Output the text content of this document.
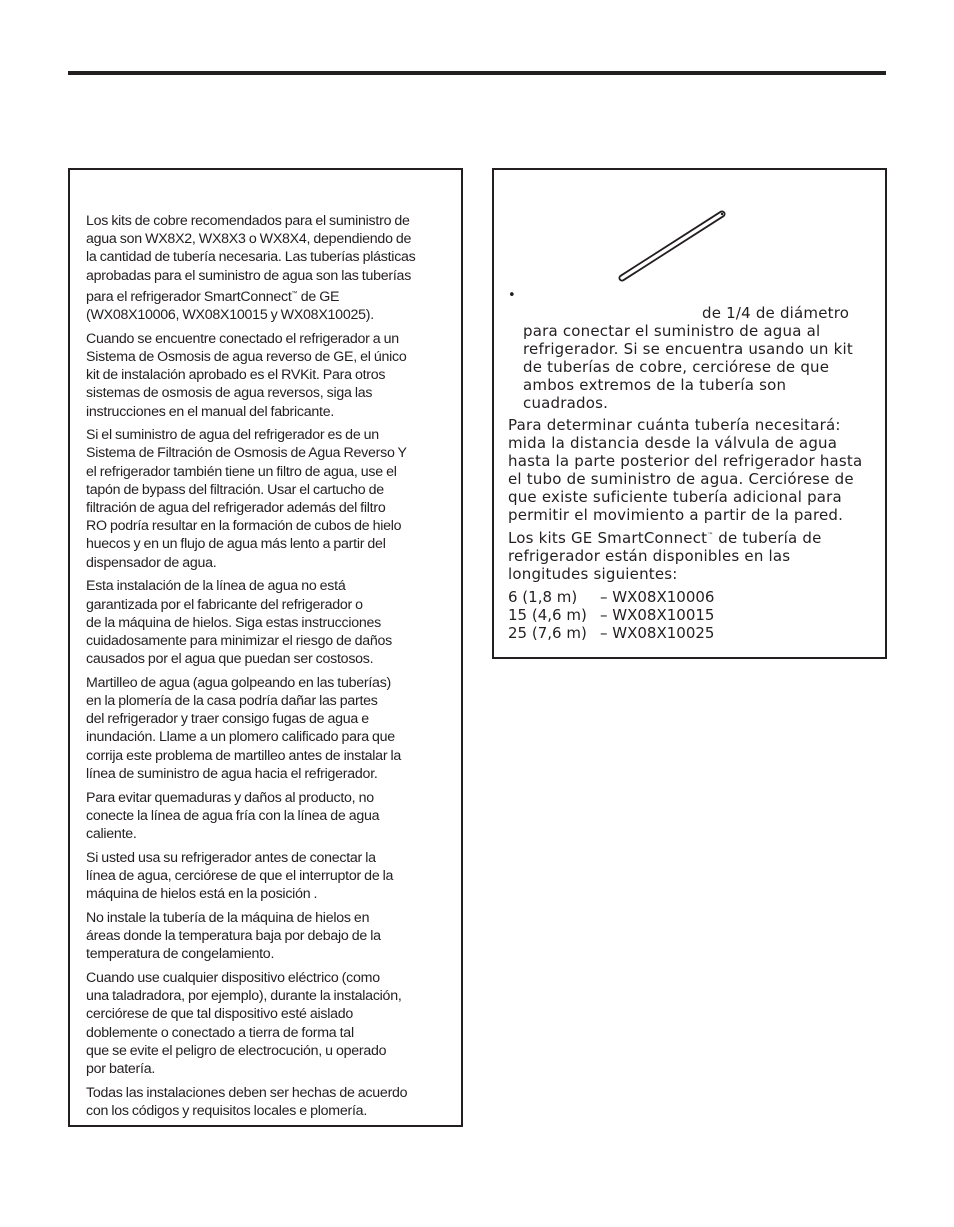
Los kits de cobre recomendados para el suministro de
agua son WX8X2, WX8X3 o WX8X4, dependiendo de
la cantidad de tubería necesaria. Las tuberías plásticas
aprobadas para el suministro de agua son las tuberías
para el refrigerador SmartConnect™ de GE
(WX08X10006, WX08X10015 y WX08X10025).

Cuando se encuentre conectado el refrigerador a un
Sistema de Osmosis de agua reverso de GE, el único
kit de instalación aprobado es el RVKit. Para otros
sistemas de osmosis de agua reversos, siga las
instrucciones en el manual del fabricante.

Si el suministro de agua del refrigerador es de un
Sistema de Filtración de Osmosis de Agua Reverso Y
el refrigerador también tiene un filtro de agua, use el
tapón de bypass del filtración. Usar el cartucho de
filtración de agua del refrigerador además del filtro
RO podría resultar en la formación de cubos de hielo
huecos y en un flujo de agua más lento a partir del
dispensador de agua.

Esta instalación de la línea de agua no está
garantizada por el fabricante del refrigerador o
de la máquina de hielos. Siga estas instrucciones
cuidadosamente para minimizar el riesgo de daños
causados por el agua que puedan ser costosos.

Martilleo de agua (agua golpeando en las tuberías)
en la plomería de la casa podría dañar las partes
del refrigerador y traer consigo fugas de agua e
inundación. Llame a un plomero calificado para que
corrija este problema de martilleo antes de instalar la
línea de suministro de agua hacia el refrigerador.

Para evitar quemaduras y daños al producto, no
conecte la línea de agua fría con la línea de agua
caliente.

Si usted usa su refrigerador antes de conectar la
línea de agua, cerciórese de que el interruptor de la
máquina de hielos está en la posición .

No instale la tubería de la máquina de hielos en
áreas donde la temperatura baja por debajo de la
temperatura de congelamiento.

Cuando use cualquier dispositivo eléctrico (como
una taladradora, por ejemplo), durante la instalación,
cerciórese de que tal dispositivo esté aislado
doblemente o conectado a tierra de forma tal
que se evite el peligro de electrocución, u operado
por batería.

Todas las instalaciones deben ser hechas de acuerdo
con los códigos y requisitos locales e plomería.

•
de 1/4 de diámetro
para conectar el suministro de agua al
refrigerador. Si se encuentra usando un kit
de tuberías de cobre, cerciórese de que
ambos extremos de la tubería son
cuadrados.
Para determinar cuánta tubería necesitará:
mida la distancia desde la válvula de agua
hasta la parte posterior del refrigerador hasta
el tubo de suministro de agua. Cerciórese de
que existe suficiente tubería adicional para
permitir el movimiento a partir de la pared.
Los kits GE SmartConnect™ de tubería de
refrigerador están disponibles en las
longitudes siguientes:
6 (1,8 m)	– WX08X10006
15 (4,6 m) – WX08X10015
25 (7,6 m) – WX08X10025
